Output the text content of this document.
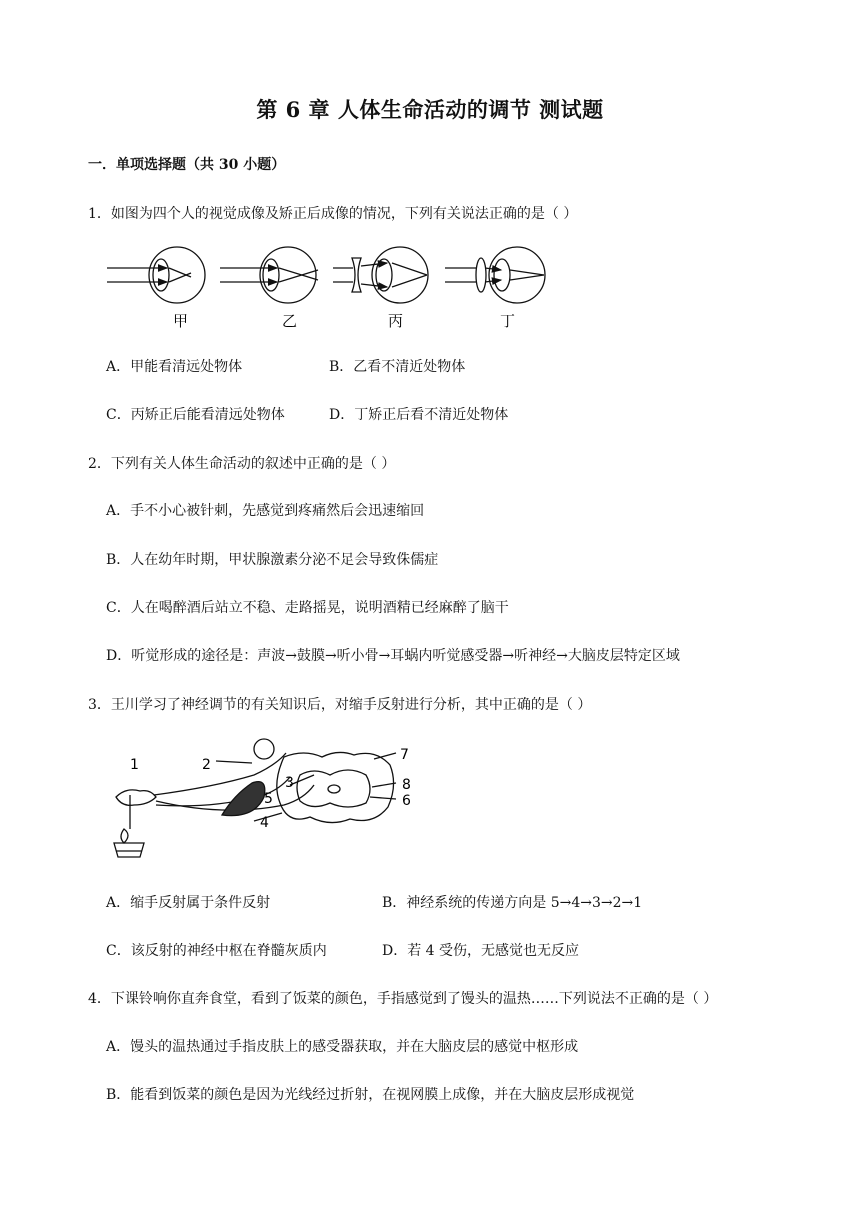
第 6 章 人体生命活动的调节 测试题
一．单项选择题（共 30 小题）
1．如图为四个人的视觉成像及矫正后成像的情况，下列有关说法正确的是（ ）
甲	乙	丙	丁
A．甲能看清远处物体	B．乙看不清近处物体
C．丙矫正后能看清远处物体	D．丁矫正后看不清近处物体
2．下列有关人体生命活动的叙述中正确的是（ ）
A．手不小心被针刺，先感觉到疼痛然后会迅速缩回
B．人在幼年时期，甲状腺激素分泌不足会导致侏儒症
C．人在喝醉酒后站立不稳、走路摇晃，说明酒精已经麻醉了脑干
D．听觉形成的途径是：声波→鼓膜→听小骨→耳蜗内听觉感受器→听神经→大脑皮层特定区域
3．王川学习了神经调节的有关知识后，对缩手反射进行分析，其中正确的是（ ）
1	2
3
4
5	6
7
8
A．缩手反射属于条件反射	B．神经系统的传递方向是 5→4→3→2→1
C．该反射的神经中枢在脊髓灰质内	D．若 4 受伤，无感觉也无反应
4．下课铃响你直奔食堂，看到了饭菜的颜色，手指感觉到了馒头的温热……下列说法不正确的是（ ）
A．馒头的温热通过手指皮肤上的感受器获取，并在大脑皮层的感觉中枢形成
B．能看到饭菜的颜色是因为光线经过折射，在视网膜上成像，并在大脑皮层形成视觉
